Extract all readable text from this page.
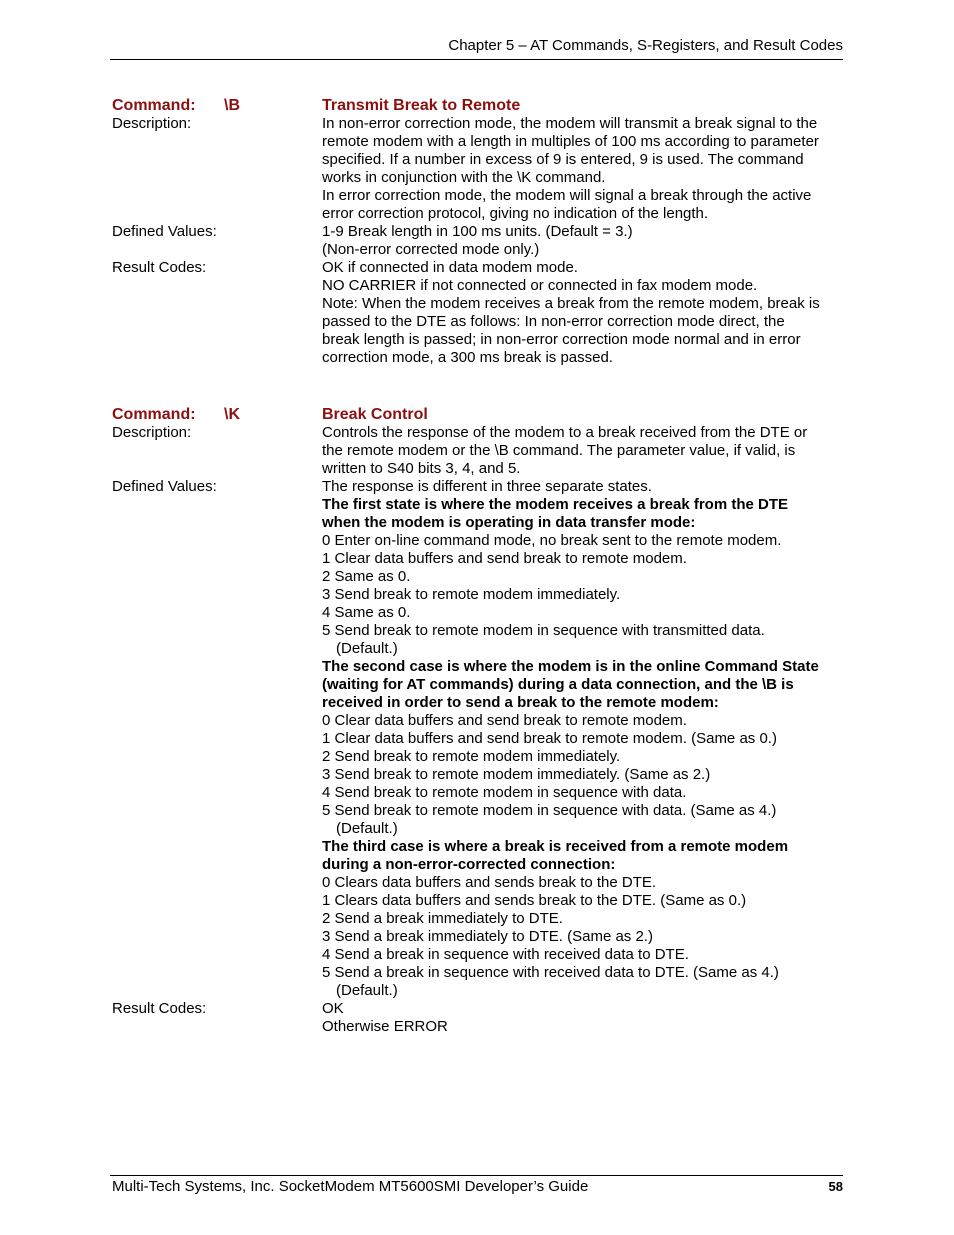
Chapter 5 – AT Commands, S-Registers, and Result Codes
Command:	\B	Transmit Break to Remote
Description:	In non-error correction mode, the modem will transmit a break signal to the
remote modem with a length in multiples of 100 ms according to parameter
specified. If a number in excess of 9 is entered, 9 is used. The command
works in conjunction with the \K command.
In error correction mode, the modem will signal a break through the active
error correction protocol, giving no indication of the length.
Defined Values:	1-9 Break length in 100 ms units. (Default = 3.)
(Non-error corrected mode only.)
Result Codes:	OK if connected in data modem mode.
NO CARRIER if not connected or connected in fax modem mode.
Note: When the modem receives a break from the remote modem, break is
passed to the DTE as follows: In non-error correction mode direct, the
break length is passed; in non-error correction mode normal and in error
correction mode, a 300 ms break is passed.
Command:	\K	Break Control
Description:	Controls the response of the modem to a break received from the DTE or
the remote modem or the \B command. The parameter value, if valid, is
written to S40 bits 3, 4, and 5.
Defined Values:	The response is different in three separate states.
The first state is where the modem receives a break from the DTE
when the modem is operating in data transfer mode:
0 Enter on-line command mode, no break sent to the remote modem.
1 Clear data buffers and send break to remote modem.
2 Same as 0.
3 Send break to remote modem immediately.
4 Same as 0.
5 Send break to remote modem in sequence with transmitted data.
(Default.)
The second case is where the modem is in the online Command State
(waiting for AT commands) during a data connection, and the \B is
received in order to send a break to the remote modem:
0 Clear data buffers and send break to remote modem.
1 Clear data buffers and send break to remote modem. (Same as 0.)
2 Send break to remote modem immediately.
3 Send break to remote modem immediately. (Same as 2.)
4 Send break to remote modem in sequence with data.
5 Send break to remote modem in sequence with data. (Same as 4.)
(Default.)
The third case is where a break is received from a remote modem
during a non-error-corrected connection:
0 Clears data buffers and sends break to the DTE.
1 Clears data buffers and sends break to the DTE. (Same as 0.)
2 Send a break immediately to DTE.
3 Send a break immediately to DTE. (Same as 2.)
4 Send a break in sequence with received data to DTE.
5 Send a break in sequence with received data to DTE. (Same as 4.)
(Default.)
Result Codes:	OK
Otherwise ERROR
Multi-Tech Systems, Inc. SocketModem MT5600SMI Developer’s Guide	58
